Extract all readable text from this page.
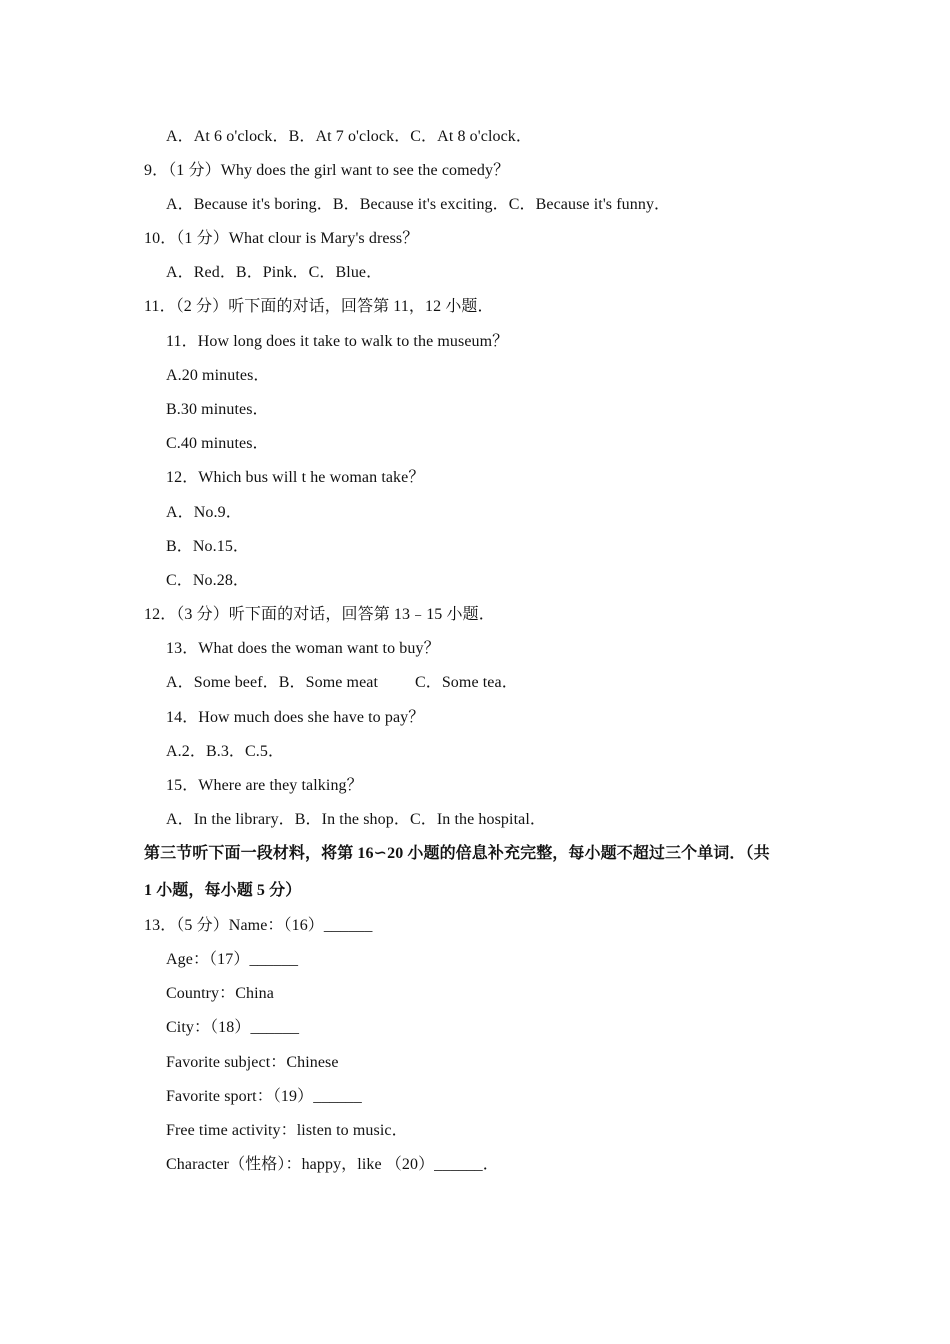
A．At 6 o'clock．B．At 7 o'clock．C．At 8 o'clock．
9．（1 分）Why does the girl want to see the comedy？
A．Because it's boring．B．Because it's exciting．C．Because it's funny．
10．（1 分）What clour is Mary's dress？
A．Red．B．Pink．C．Blue．
11．（2 分）听下面的对话，回答第 11，12 小题．
11．How long does it take to walk to the museum？
A.20 minutes．
B.30 minutes．
C.40 minutes．
12．Which bus will t he woman take？
A．No.9．
B．No.15．
C．No.28．
12．（3 分）听下面的对话，回答第 13﹣15 小题．
13．What does the woman want to buy？
A．Some beef．B．Some meat         C．Some tea．
14．How much does she have to pay？
A.2．B.3．C.5．
15．Where are they talking？
A．In the library．B．In the shop．C．In the hospital．
第三节听下面一段材料，将第 16∽20 小题的倍息补充完整，每小题不超过三个单词．（共
1 小题，每小题 5 分）
13．（5 分）Name：（16）______
Age：（17）______
Country：China
City：（18）______
Favorite subject：Chinese
Favorite sport：（19）______
Free time activity：listen to music．
Character（性格）：happy，like （20）______．
